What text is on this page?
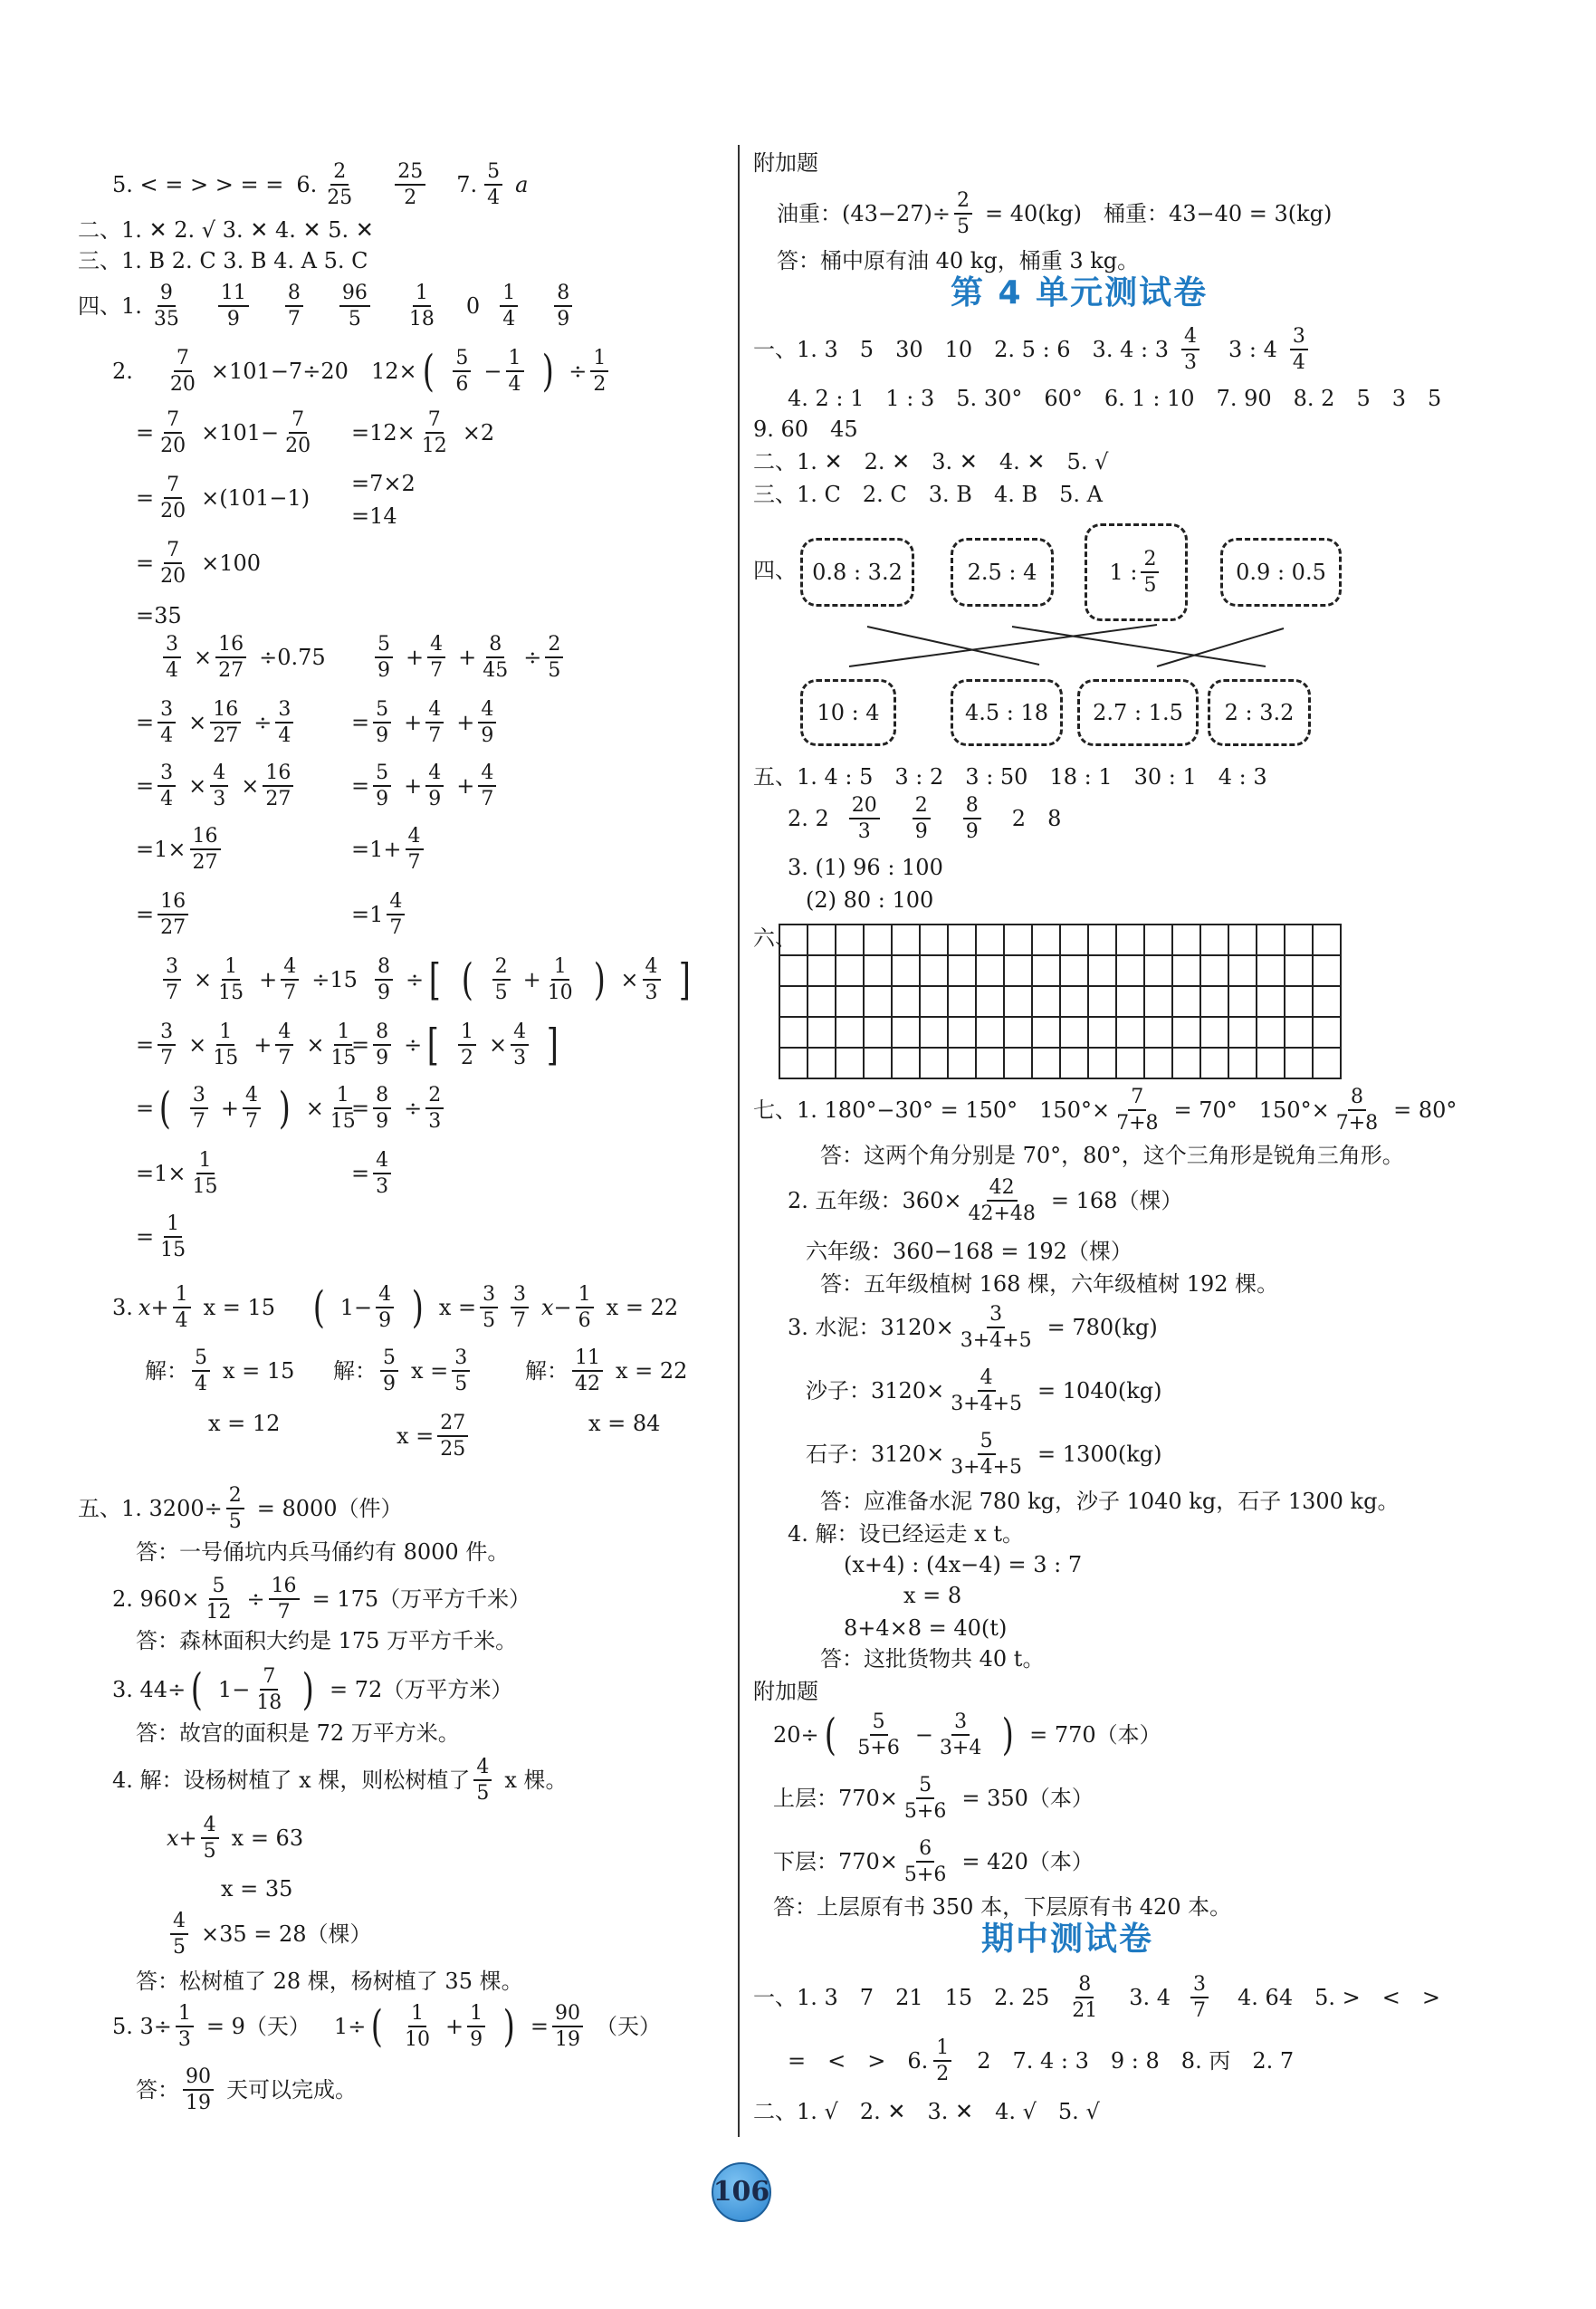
5. < = > > = = 6. $\frac{2}{25} \frac{25}{2} 7$. $\frac{5}{4}$ a
二、1. ✕ 2. √ 3. ✕ 4. ✕ 5. ✕
三、1. B 2. C 3. B 4. A 5. C
四、1. $\frac{9}{35} \frac{11}{9} \frac{8}{7} \frac{96}{5} \frac{1}{18} 0 \frac{1}{4} \frac{8}{9}$
2. $\frac{7}{20} \times 101-7\div 20$
= $\frac{7}{20} \times 101- \frac{7}{20}$
= $\frac{7}{20} \times(101-1)$
= $\frac{7}{20} \times 100$
=35
12× ( $\frac{5}{6} - \frac{1}{4}$ ) ÷ $\frac{1}{2}$
$=12\times \frac{7}{12} \times 2$
=7×2
=14
$\frac{3}{4} \times \frac{16}{27} \div 0.75$
= $\frac{3}{4} \times \frac{16}{27} \div \frac{3}{4}$
= $\frac{3}{4} \times \frac{4}{3} \times \frac{16}{27}$
$=1\times \frac{16}{27}$
= $\frac{16}{27}$
$\frac{5}{9} + \frac{4}{7} + \frac{8}{45} \div \frac{2}{5}$
= $\frac{5}{9} + \frac{4}{7} + \frac{4}{9}$
= $\frac{5}{9} + \frac{4}{9} + \frac{4}{7}$
$=1+ \frac{4}{7}$
$=1 \frac{4}{7}$
$\frac{3}{7} \times \frac{1}{15} + \frac{4}{7} \div 15$
= $\frac{3}{7} \times \frac{1}{15} + \frac{4}{7} \times \frac{1}{15}$
= ( $\frac{3}{7} + \frac{4}{7}$ ) × $\frac{1}{15}$
$=1\times \frac{1}{15}$
= $\frac{1}{15}$
$\frac{8}{9}$ ÷ [ ( $\frac{2}{5} + \frac{1}{10}$ ) × $\frac{4}{3}$ ]
= $\frac{8}{9}$ ÷ [ $\frac{1}{2} \times \frac{4}{3}$ ]
= $\frac{8}{9} \div \frac{2}{3}$
= $\frac{4}{3}$
3. $x+ \frac{1}{4}$ x = 15
解： $\frac{5}{4}$ x = 15
x = 12
( $1- \frac{4}{9}$ ) $x = \frac{3}{5}$
解： $\frac{5}{9}$ $x = \frac{3}{5}$
$x = \frac{27}{25}$
$\frac{3}{7} x- \frac{1}{6}$ x = 22
解： $\frac{11}{42}$ x = 22
x = 84
五、1. $3200\div \frac{2}{5} = 8000$（件）
答：一号俑坑内兵马俑约有 8000 件。
2. $960\times \frac{5}{12} \div \frac{16}{7} = 175$（万平方千米）
答：森林面积大约是 175 万平方千米。
3. 44÷ ( $1- \frac{7}{18}$ ) = 72（万平方米）
答：故宫的面积是 72 万平方米。
4. 解：设杨树植了 x 棵，则松树植了 $\frac{4}{5}$ x 棵。
$x+ \frac{4}{5}$ x = 63
x = 35
$\frac{4}{5} \times 35 = 28$（棵）
答：松树植了 28 棵，杨树植了 35 棵。
5. $3\div \frac{1}{3} = 9$（天） 1÷ ( $\frac{1}{10} + \frac{1}{9}$ ) = $\frac{90}{19}$ （天）
答： $\frac{90}{19}$ 天可以完成。
附加题
油重：$(43-27)\div \frac{2}{5} = 40(kg)$　桶重：43−40 = 3(kg)
答：桶中原有油 40 kg，桶重 3 kg。
第 4 单元测试卷
一、1. 3　5　30　10　2. 5 : 6　3. 4 : $3 \frac{4}{3} 3$ : $4 \frac{3}{4}$
4. 2 : 1　1 : 3　5. 30°　60°　6. 1 : 10　7. 90　8. 2　5　3　5
9. 60　45
二、1. ✕　2. ✕　3. ✕　4. ✕　5. √
三、1. C　2. C　3. B　4. B　5. A
四、 0.8 : 3.2	2.5 : 4	1 : $\frac{2}{5}$	0.9 : 0.5
10 : 4	4.5 : 18 2.7 : 1.5 2 : 3.2
五、1. 4 : 5　3 : 2　3 : 50　18 : 1　30 : 1　4 : 3
2. $2 \frac{20}{3} \frac{2}{9} \frac{8}{9} 2$　8
3. (1) 96 : 100
(2) 80 : 100
六、

七、1. 180°−30° = 150°　$150^\circ\times \frac{7}{7+8} = 70^\circ$　$150^\circ\times \frac{8}{7+8} = 80^\circ$
答：这两个角分别是 70°，80°，这个三角形是锐角三角形。
2. 五年级：$360\times \frac{42}{42+48} = 168$（棵）
六年级：360−168 = 192（棵）
答：五年级植树 168 棵，六年级植树 192 棵。
3. 水泥：$3120\times \frac{3}{3+4+5} = 780(kg)$
沙子：$3120\times \frac{4}{3+4+5} = 1040(kg)$
石子：$3120\times \frac{5}{3+4+5} = 1300(kg)$
答：应准备水泥 780 kg，沙子 1040 kg，石子 1300 kg。
4. 解：设已经运走 x t。
(x+4) : (4x−4) = 3 : 7
x = 8
8+4×8 = 40(t)
答：这批货物共 40 t。
附加题
20÷ ( $\frac{5}{5+6} - \frac{3}{3+4}$ ) = 770（本）
上层：$770\times \frac{5}{5+6} = 350$（本）
下层：$770\times \frac{6}{5+6} = 420$（本）
答：上层原有书 350 本，下层原有书 420 本。
期中测试卷
一、1. 3　7　21　15　2. $25 \frac{8}{21} 3$. $4 \frac{3}{7} 4$. 64　5. >　<　>
=　<　>　6. $\frac{1}{2} 2$　7. 4 : 3　9 : 8　8. 丙　2. 7
二、1. √　2. ✕　3. ✕　4. √　5. √
106
